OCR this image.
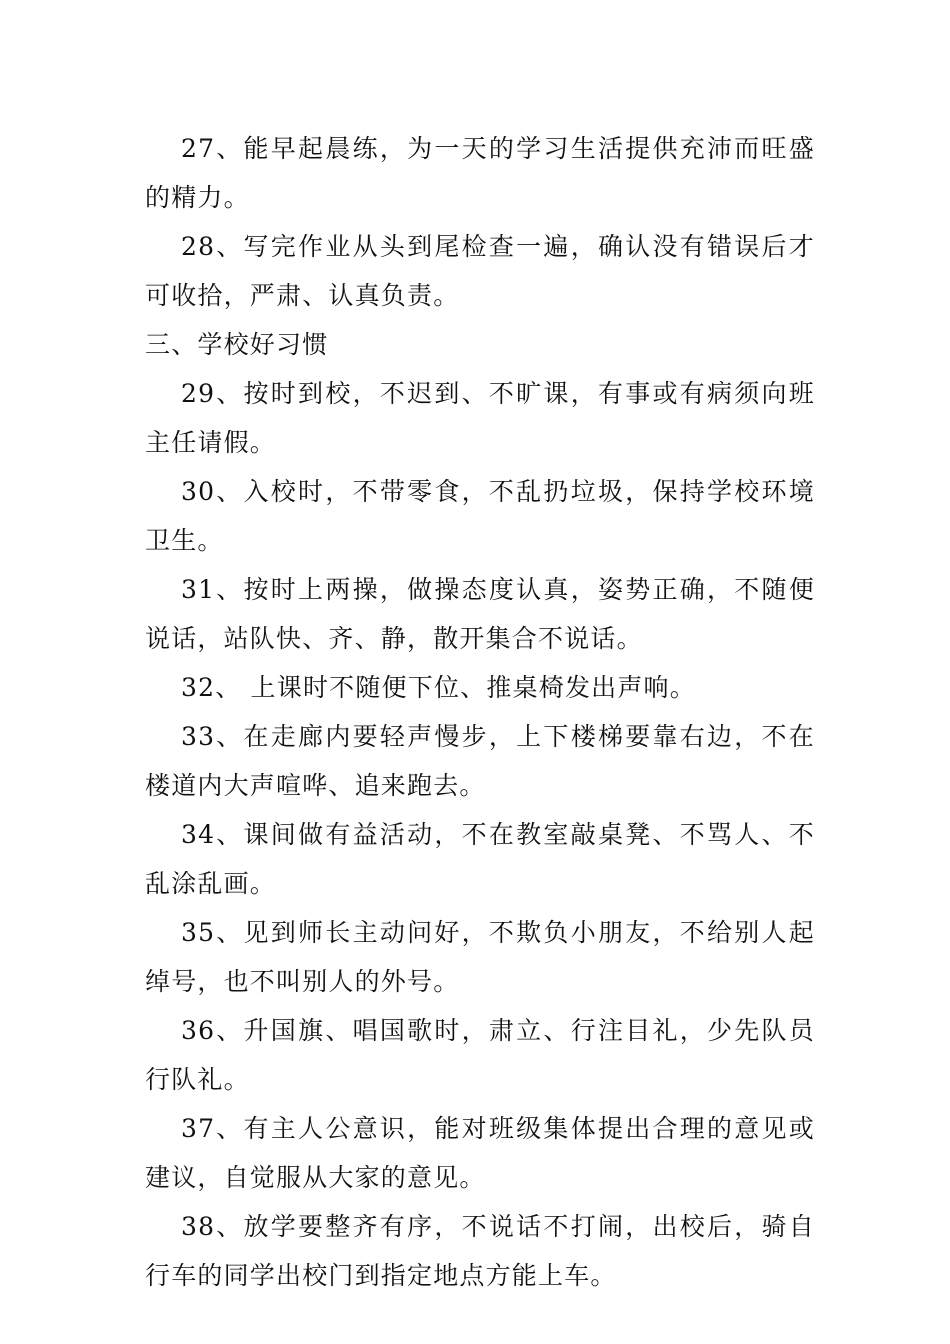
27、能早起晨练，为一天的学习生活提供充沛而旺盛的精力。

28、写完作业从头到尾检查一遍，确认没有错误后才可收拾，严肃、认真负责。

三、学校好习惯

29、按时到校，不迟到、不旷课，有事或有病须向班主任请假。

30、入校时，不带零食，不乱扔垃圾，保持学校环境卫生。

31、按时上两操，做操态度认真，姿势正确，不随便说话，站队快、齐、静，散开集合不说话。

32、 上课时不随便下位、推桌椅发出声响。

33、在走廊内要轻声慢步，上下楼梯要靠右边，不在楼道内大声喧哗、追来跑去。

34、课间做有益活动，不在教室敲桌凳、不骂人、不乱涂乱画。

35、见到师长主动问好，不欺负小朋友，不给别人起绰号，也不叫别人的外号。

36、升国旗、唱国歌时，肃立、行注目礼，少先队员行队礼。

37、有主人公意识，能对班级集体提出合理的意见或建议，自觉服从大家的意见。

38、放学要整齐有序，不说话不打闹，出校后，骑自行车的同学出校门到指定地点方能上车。
